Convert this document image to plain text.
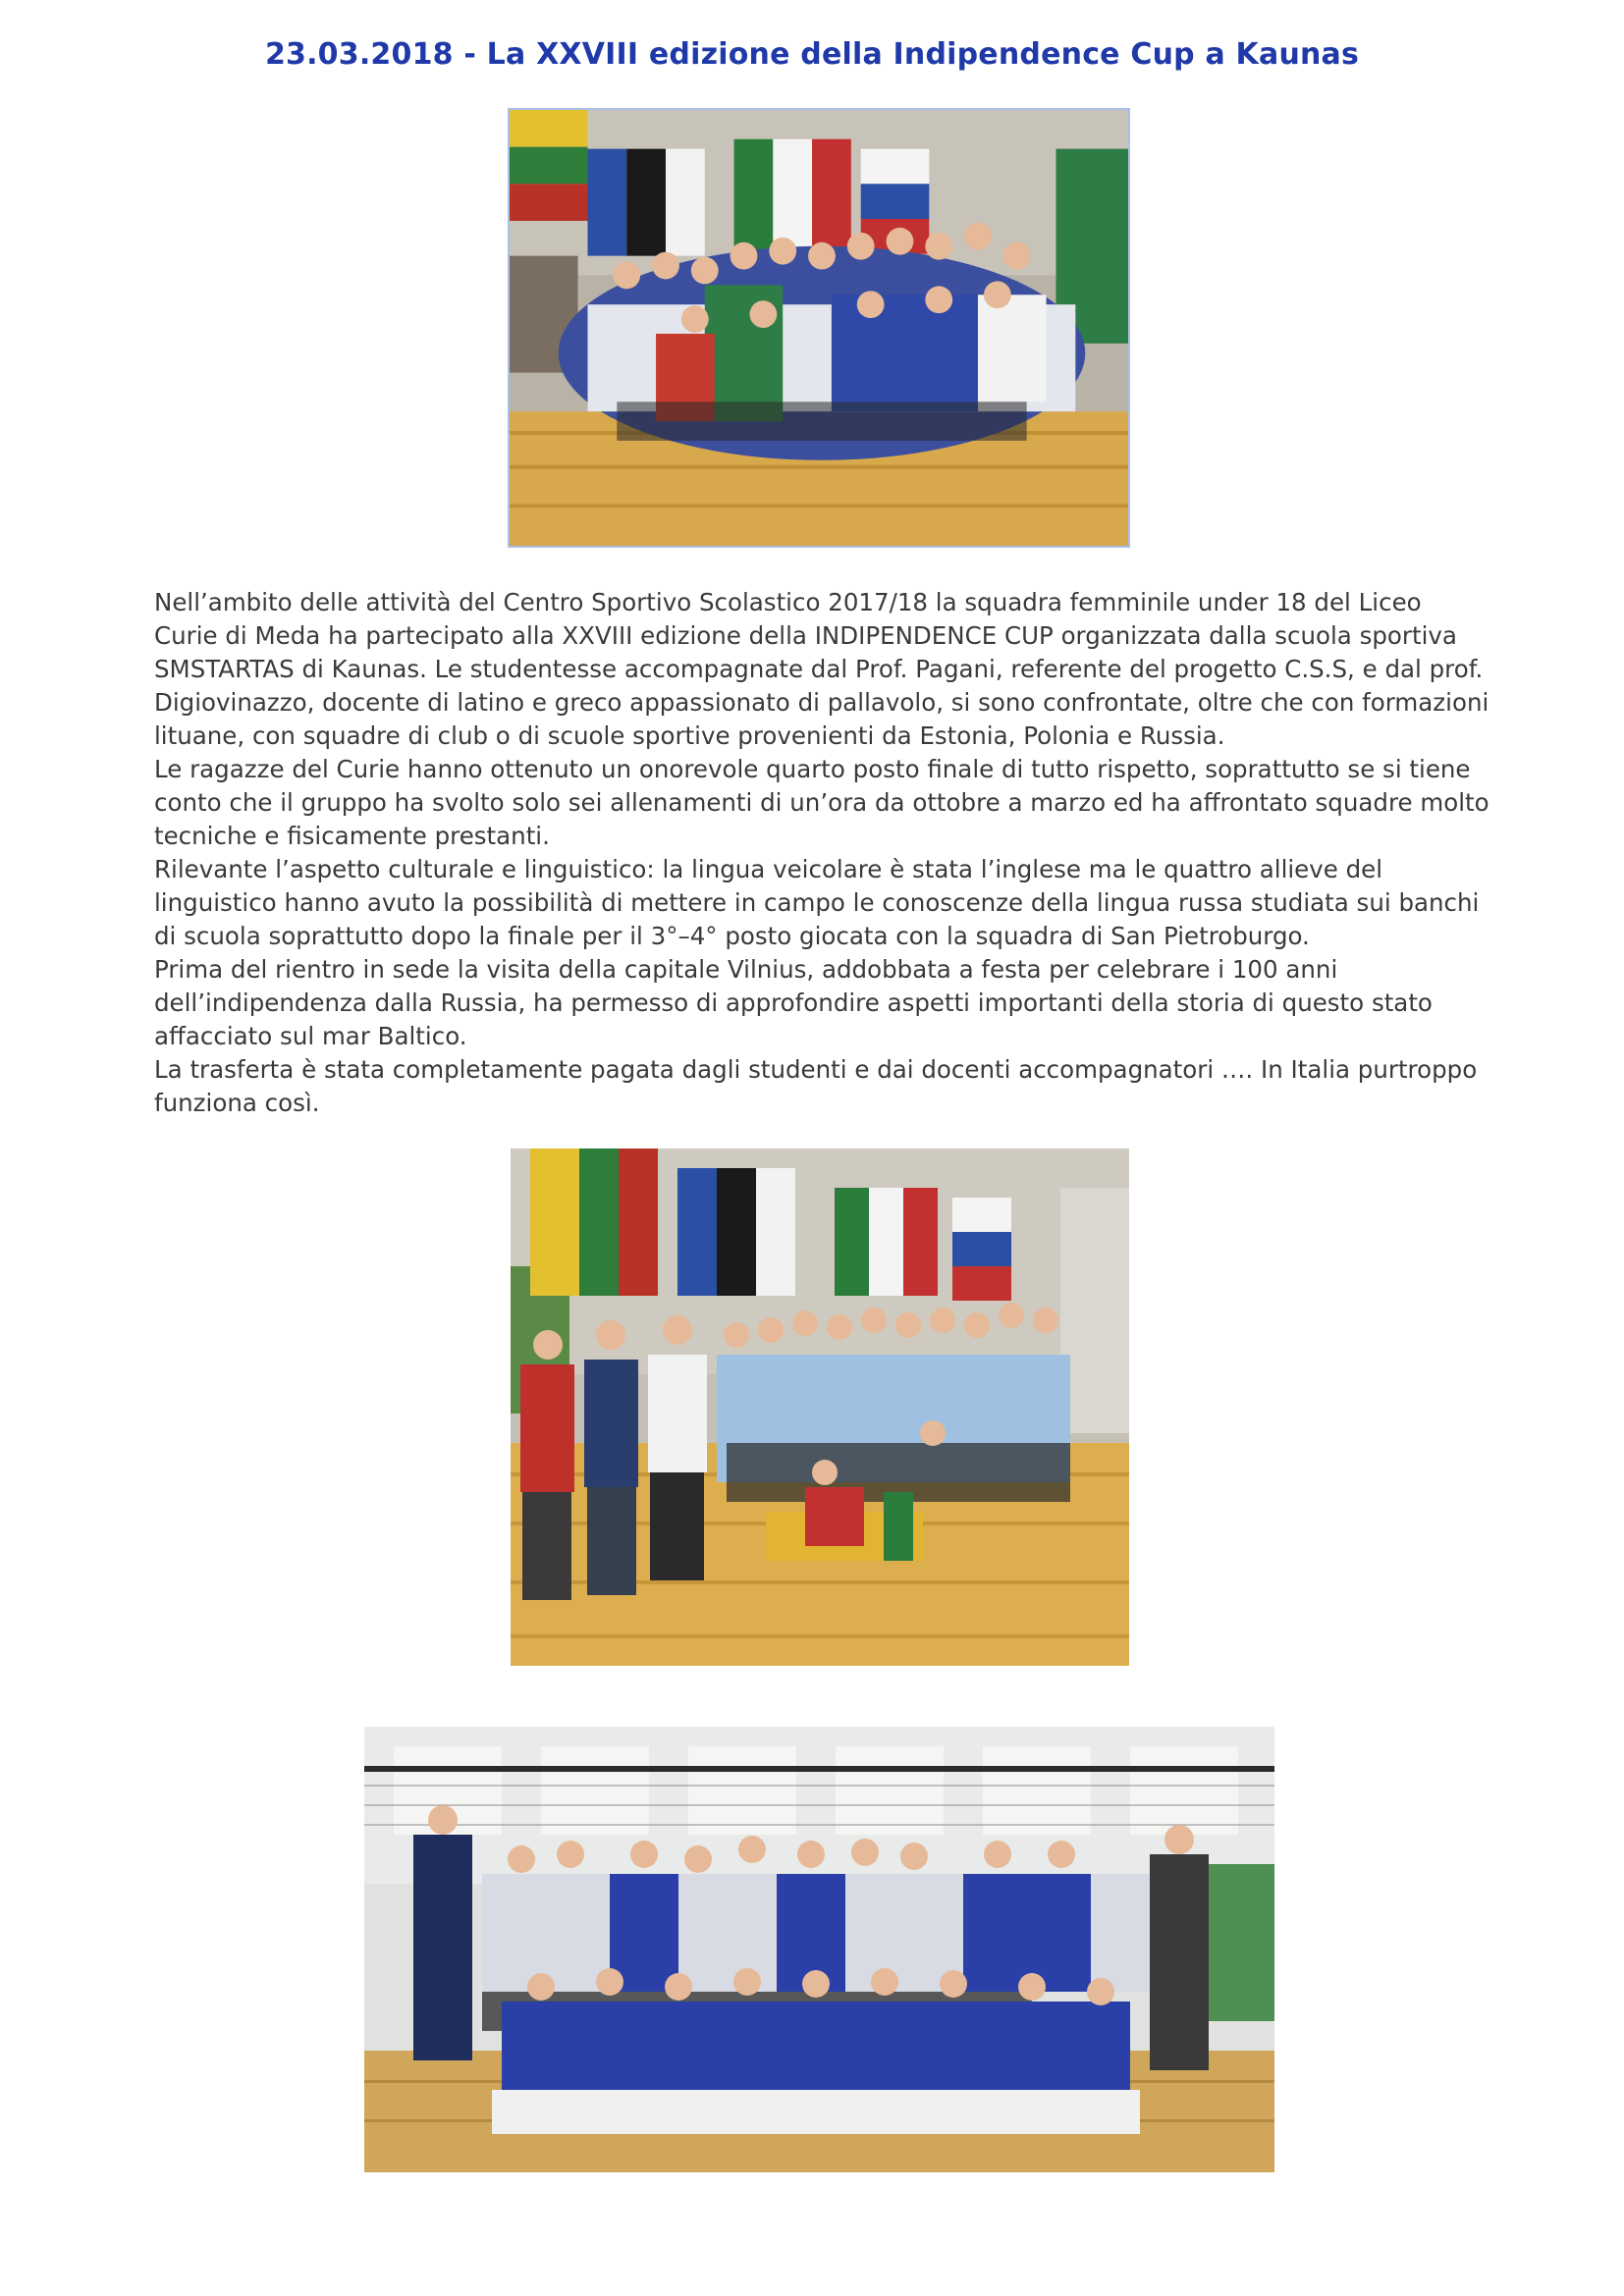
23.03.2018 - La XXVIII edizione della Indipendence Cup a Kaunas

Nell’ambito delle attività del Centro Sportivo Scolastico 2017/18 la squadra femminile under 18 del Liceo Curie di Meda ha partecipato alla XXVIII edizione della INDIPENDENCE CUP organizzata dalla scuola sportiva SMSTARTAS di Kaunas. Le studentesse accompagnate dal Prof. Pagani, referente del progetto C.S.S, e dal prof. Digiovinazzo, docente di latino e greco appassionato di pallavolo, si sono confrontate, oltre che con formazioni lituane, con squadre di club o di scuole sportive provenienti da Estonia, Polonia e Russia.

Le ragazze del Curie hanno ottenuto un onorevole quarto posto finale di tutto rispetto, soprattutto se si tiene conto che il gruppo ha svolto solo sei allenamenti di un’ora da ottobre a marzo ed ha affrontato squadre molto tecniche e fisicamente prestanti.

Rilevante l’aspetto culturale e linguistico: la lingua veicolare è stata l’inglese ma le quattro allieve del linguistico hanno avuto la possibilità di mettere in campo le conoscenze della lingua russa studiata sui banchi di scuola soprattutto dopo la finale per il 3°–4° posto giocata con la squadra di San Pietroburgo.

Prima del rientro in sede la visita della capitale Vilnius, addobbata a festa per celebrare i 100 anni dell’indipendenza dalla Russia, ha permesso di approfondire aspetti importanti della storia di questo stato affacciato sul mar Baltico.

La trasferta è stata completamente pagata dagli studenti e dai docenti accompagnatori …. In Italia purtroppo funziona così.
